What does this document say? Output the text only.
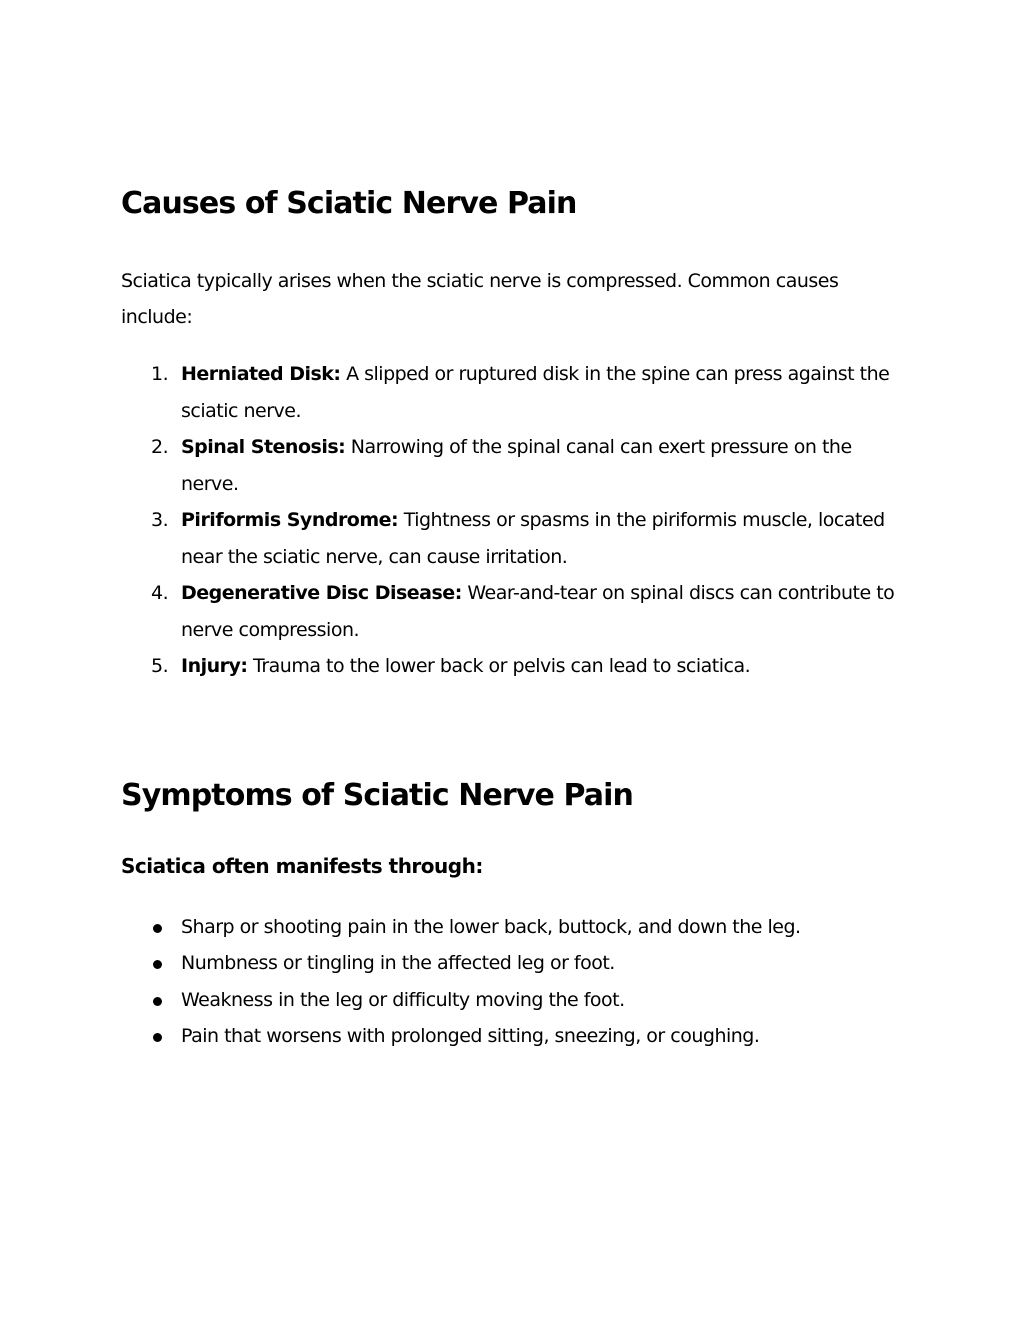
Causes of Sciatic Nerve Pain

Sciatica typically arises when the sciatic nerve is compressed. Common causes include:

1. Herniated Disk: A slipped or ruptured disk in the spine can press against the sciatic nerve.
2. Spinal Stenosis: Narrowing of the spinal canal can exert pressure on the nerve.
3. Piriformis Syndrome: Tightness or spasms in the piriformis muscle, located near the sciatic nerve, can cause irritation.
4. Degenerative Disc Disease: Wear-and-tear on spinal discs can contribute to nerve compression.
5. Injury: Trauma to the lower back or pelvis can lead to sciatica.
Symptoms of Sciatic Nerve Pain
Sciatica often manifests through:
Sharp or shooting pain in the lower back, buttock, and down the leg.
Numbness or tingling in the affected leg or foot.
Weakness in the leg or difficulty moving the foot.
Pain that worsens with prolonged sitting, sneezing, or coughing.
